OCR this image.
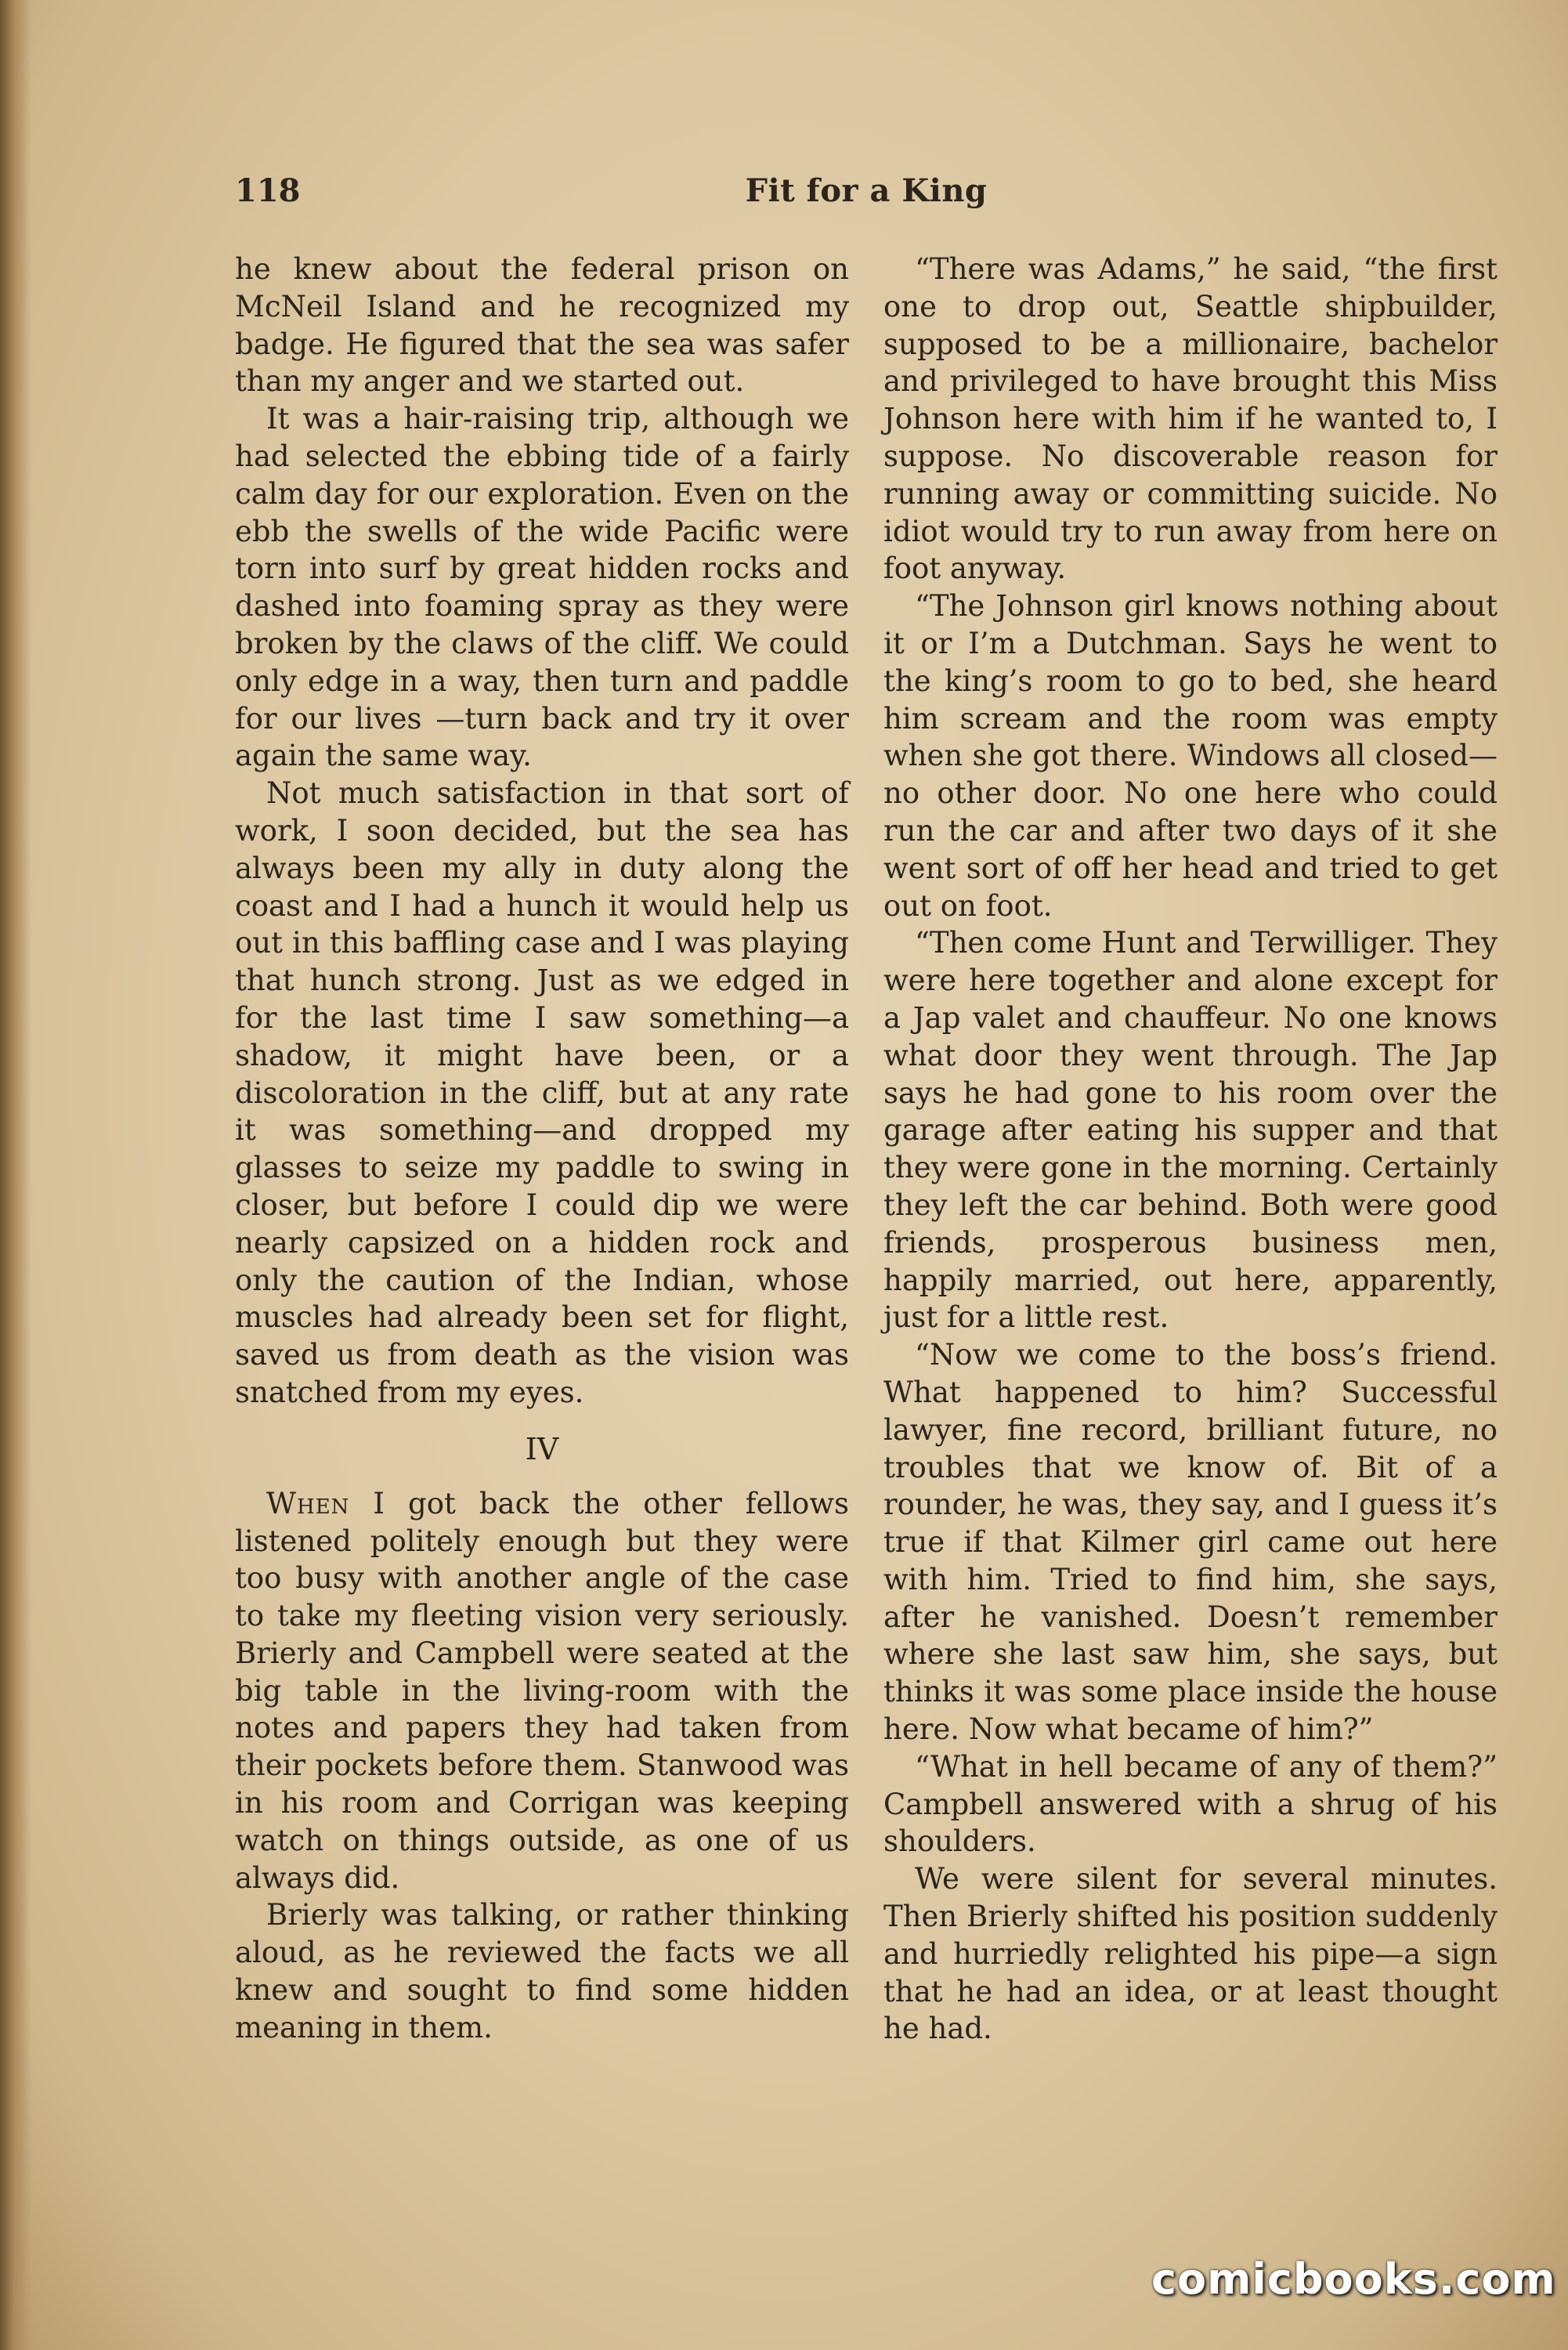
118	Fit for a King

he knew about the federal prison on McNeil Island and he recognized my badge. He figured that the sea was safer than my anger and we started out.

It was a hair-raising trip, although we had selected the ebbing tide of a fairly calm day for our exploration. Even on the ebb the swells of the wide Pacific were torn into surf by great hidden rocks and dashed into foaming spray as they were broken by the claws of the cliff. We could only edge in a way, then turn and paddle for our lives —turn back and try it over again the same way.

Not much satisfaction in that sort of work, I soon decided, but the sea has always been my ally in duty along the coast and I had a hunch it would help us out in this baffling case and I was playing that hunch strong. Just as we edged in for the last time I saw something—a shadow, it might have been, or a discoloration in the cliff, but at any rate it was something—and dropped my glasses to seize my paddle to swing in closer, but before I could dip we were nearly capsized on a hidden rock and only the caution of the Indian, whose muscles had already been set for flight, saved us from death as the vision was snatched from my eyes.

IV

When I got back the other fellows listened politely enough but they were too busy with another angle of the case to take my fleeting vision very seriously. Brierly and Campbell were seated at the big table in the living-room with the notes and papers they had taken from their pockets before them. Stanwood was in his room and Corrigan was keeping watch on things outside, as one of us always did.

Brierly was talking, or rather thinking aloud, as he reviewed the facts we all knew and sought to find some hidden meaning in them.

“There was Adams,” he said, “the first one to drop out, Seattle shipbuilder, supposed to be a millionaire, bachelor and privileged to have brought this Miss Johnson here with him if he wanted to, I suppose. No discoverable reason for running away or committing suicide. No idiot would try to run away from here on foot anyway.

“The Johnson girl knows nothing about it or I’m a Dutchman. Says he went to the king’s room to go to bed, she heard him scream and the room was empty when she got there. Windows all closed—no other door. No one here who could run the car and after two days of it she went sort of off her head and tried to get out on foot.

“Then come Hunt and Terwilliger. They were here together and alone except for a Jap valet and chauffeur. No one knows what door they went through. The Jap says he had gone to his room over the garage after eating his supper and that they were gone in the morning. Certainly they left the car behind. Both were good friends, prosperous business men, happily married, out here, apparently, just for a little rest.

“Now we come to the boss’s friend. What happened to him? Successful lawyer, fine record, brilliant future, no troubles that we know of. Bit of a rounder, he was, they say, and I guess it’s true if that Kilmer girl came out here with him. Tried to find him, she says, after he vanished. Doesn’t remember where she last saw him, she says, but thinks it was some place inside the house here. Now what became of him?”

“What in hell became of any of them?” Campbell answered with a shrug of his shoulders.

We were silent for several minutes. Then Brierly shifted his position suddenly and hurriedly relighted his pipe—a sign that he had an idea, or at least thought he had.

comicbooks.com
